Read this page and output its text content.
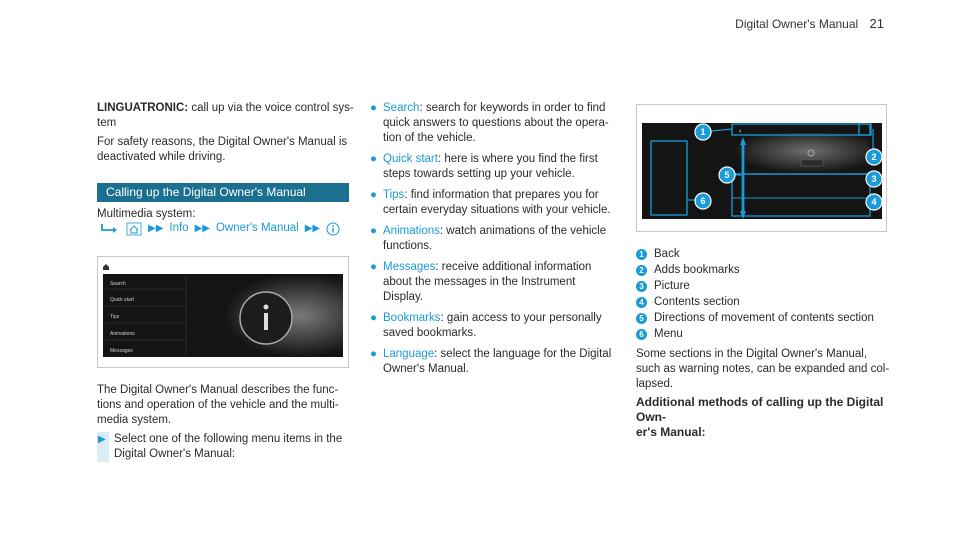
Digital Owner's Manual 21
LINGUATRONIC: call up via the voice control sys-
tem
For safety reasons, the Digital Owner's Manual is
deactivated while driving.
Calling up the Digital Owner's Manual
Multimedia system:
▶▶ Info ▶▶ Owner's Manual ▶▶
Search
Quick start
Tips
Animations
Messages
The Digital Owner's Manual describes the func-
tions and operation of the vehicle and the multi-
media system.
▶ Select one of the following menu items in the
Digital Owner's Manual:
● Search: search for keywords in order to find
quick answers to questions about the opera-
tion of the vehicle.
● Quick start: here is where you find the first
steps towards setting up your vehicle.
● Tips: find information that prepares you for
certain everyday situations with your vehicle.
● Animations: watch animations of the vehicle
functions.
● Messages: receive additional information
about the messages in the Instrument Display.
● Bookmarks: gain access to your personally
saved bookmarks.
● Language: select the language for the Digital
Owner's Manual.
‹
1
2
3
4
5
6
1 Back
2 Adds bookmarks
3 Picture
4 Contents section
5 Directions of movement of contents section
6 Menu
Some sections in the Digital Owner's Manual,
such as warning notes, can be expanded and col-
lapsed.
Additional methods of calling up the Digital Own-
er's Manual:
